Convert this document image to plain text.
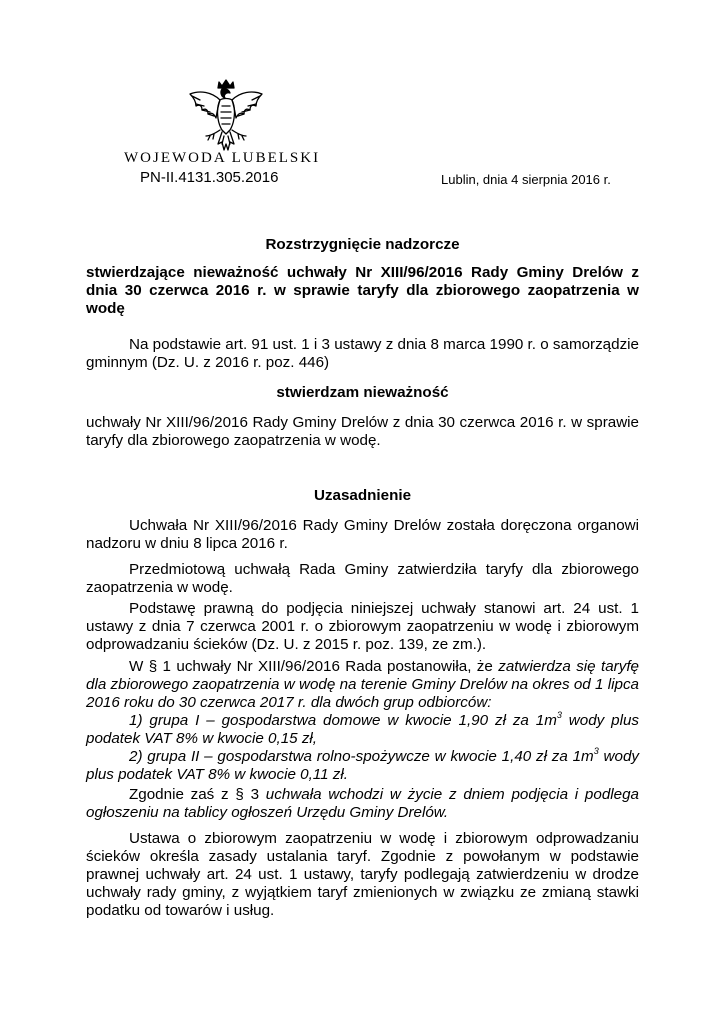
WOJEWODA LUBELSKI
PN-II.4131.305.2016	Lublin, dnia 4 sierpnia 2016 r.

Rozstrzygnięcie nadzorcze

stwierdzające nieważność uchwały Nr XIII/96/2016 Rady Gminy Drelów z dnia 30 czerwca 2016 r. w sprawie taryfy dla zbiorowego zaopatrzenia w wodę

Na podstawie art. 91 ust. 1 i 3 ustawy z dnia 8 marca 1990 r. o samorządzie gminnym (Dz. U. z 2016 r. poz. 446)

stwierdzam nieważność

uchwały Nr XIII/96/2016 Rady Gminy Drelów z dnia 30 czerwca 2016 r. w sprawie taryfy dla zbiorowego zaopatrzenia w wodę.

Uzasadnienie

Uchwała Nr XIII/96/2016 Rady Gminy Drelów została doręczona organowi nadzoru w dniu 8 lipca 2016 r.

Przedmiotową uchwałą Rada Gminy zatwierdziła taryfy dla zbiorowego zaopatrzenia w wodę.

Podstawę prawną do podjęcia niniejszej uchwały stanowi art. 24 ust. 1 ustawy z dnia 7 czerwca 2001 r. o zbiorowym zaopatrzeniu w wodę i zbiorowym odprowadzaniu ścieków (Dz. U. z 2015 r. poz. 139, ze zm.).

W § 1 uchwały Nr XIII/96/2016 Rada postanowiła, że zatwierdza się taryfę dla zbiorowego zaopatrzenia w wodę na terenie Gminy Drelów na okres od 1 lipca 2016 roku do 30 czerwca 2017 r. dla dwóch grup odbiorców:

1) grupa I – gospodarstwa domowe w kwocie 1,90 zł za $1m^3$ wody plus podatek VAT 8% w kwocie 0,15 zł,

2) grupa II – gospodarstwa rolno-spożywcze w kwocie 1,40 zł za $1m^3$ wody plus podatek VAT 8% w kwocie 0,11 zł.

Zgodnie zaś z § 3 uchwała wchodzi w życie z dniem podjęcia i podlega ogłoszeniu na tablicy ogłoszeń Urzędu Gminy Drelów.

Ustawa o zbiorowym zaopatrzeniu w wodę i zbiorowym odprowadzaniu ścieków określa zasady ustalania taryf. Zgodnie z powołanym w podstawie prawnej uchwały art. 24 ust. 1 ustawy, taryfy podlegają zatwierdzeniu w drodze uchwały rady gminy, z wyjątkiem taryf zmienionych w związku ze zmianą stawki podatku od towarów i usług.
